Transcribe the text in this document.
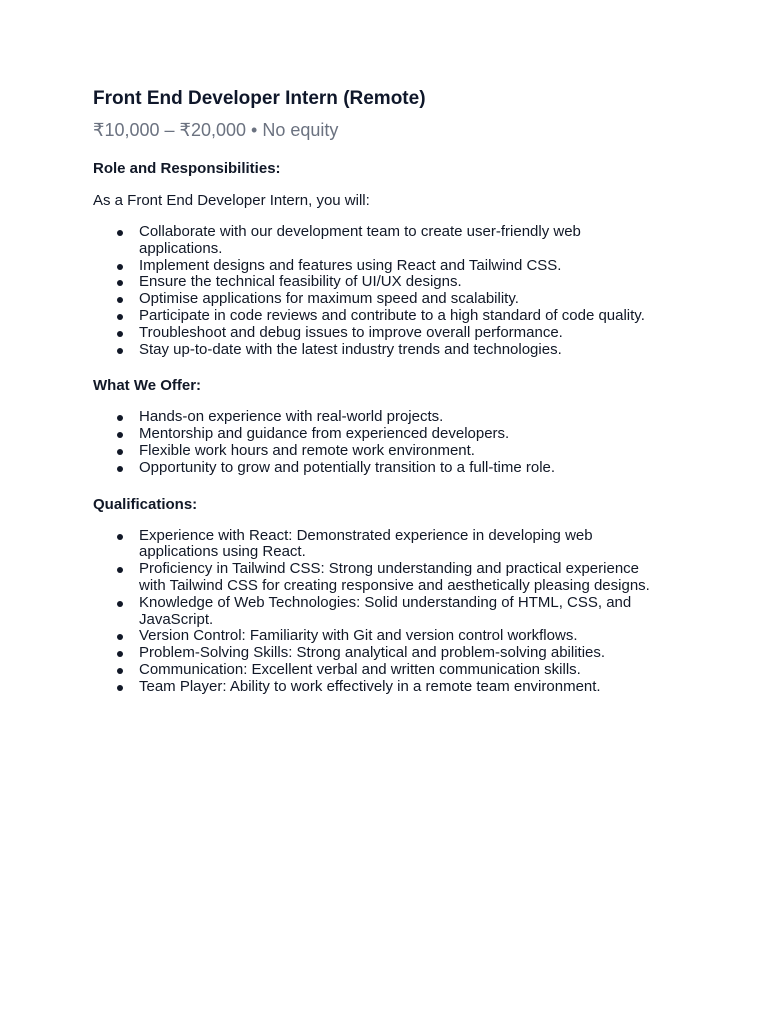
Front End Developer Intern (Remote)

₹10,000 – ₹20,000 • No equity

Role and Responsibilities:

As a Front End Developer Intern, you will:

Collaborate with our development team to create user-friendly web applications.
Implement designs and features using React and Tailwind CSS.
Ensure the technical feasibility of UI/UX designs.
Optimise applications for maximum speed and scalability.
Participate in code reviews and contribute to a high standard of code quality.
Troubleshoot and debug issues to improve overall performance.
Stay up-to-date with the latest industry trends and technologies.
What We Offer:
Hands-on experience with real-world projects.
Mentorship and guidance from experienced developers.
Flexible work hours and remote work environment.
Opportunity to grow and potentially transition to a full-time role.
Qualifications:
Experience with React: Demonstrated experience in developing web applications using React.
Proficiency in Tailwind CSS: Strong understanding and practical experience with Tailwind CSS for creating responsive and aesthetically pleasing designs.
Knowledge of Web Technologies: Solid understanding of HTML, CSS, and JavaScript.
Version Control: Familiarity with Git and version control workflows.
Problem-Solving Skills: Strong analytical and problem-solving abilities.
Communication: Excellent verbal and written communication skills.
Team Player: Ability to work effectively in a remote team environment.
